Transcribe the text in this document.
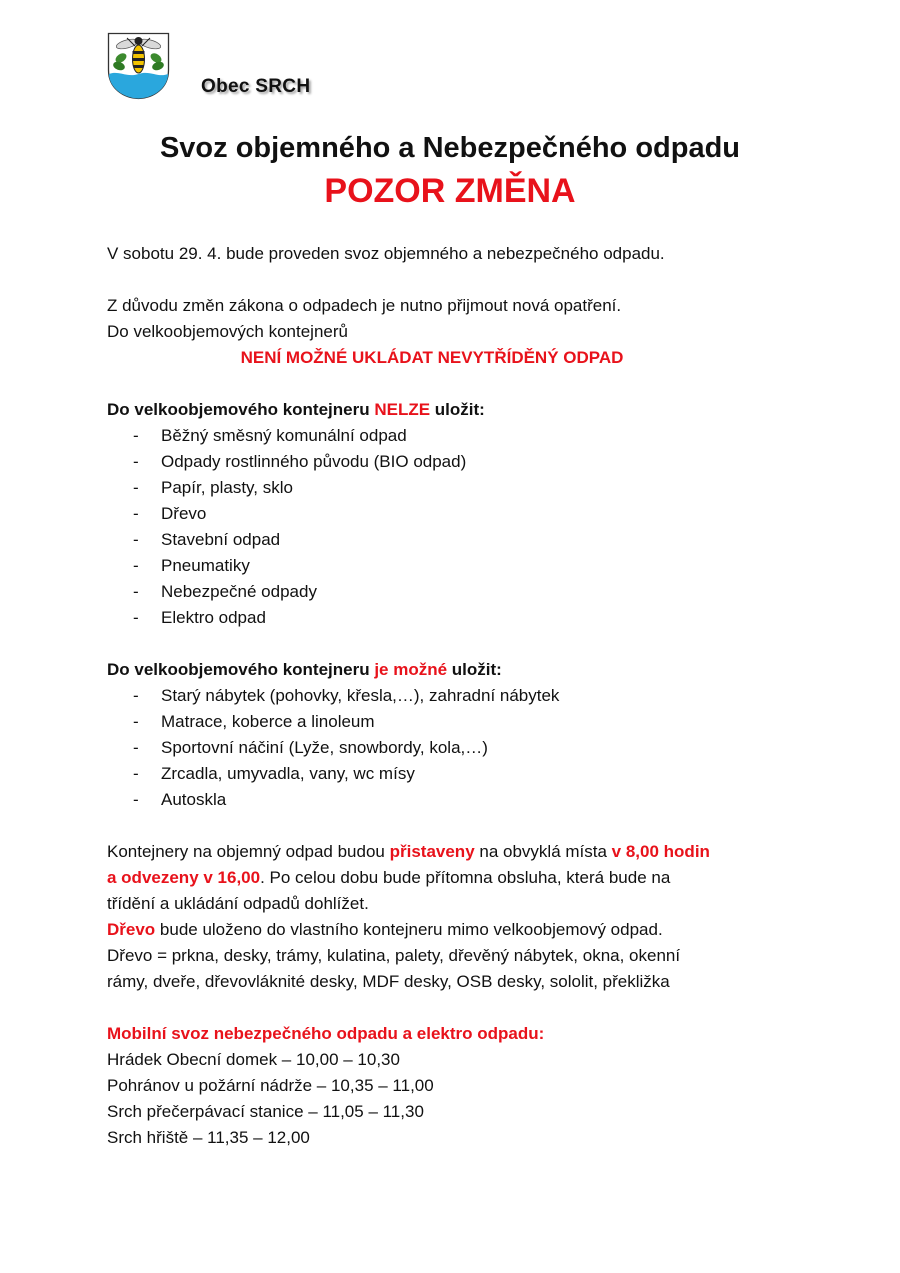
Obec SRCH
Svoz objemného a Nebezpečného odpadu
POZOR ZMĚNA

V sobotu 29. 4. bude proveden svoz objemného a nebezpečného odpadu.

Z důvodu změn zákona o odpadech je nutno přijmout nová opatření.

Do velkoobjemových kontejnerů

NENÍ MOŽNÉ UKLÁDAT NEVYTŘÍDĚNÝ ODPAD

Do velkoobjemového kontejneru NELZE uložit:

- Běžný směsný komunální odpad
- Odpady rostlinného původu (BIO odpad)
- Papír, plasty, sklo
- Dřevo
- Stavební odpad
- Pneumatiky
- Nebezpečné odpady
- Elektro odpad

Do velkoobjemového kontejneru je možné uložit:

- Starý nábytek (pohovky, křesla,…), zahradní nábytek
- Matrace, koberce a linoleum
- Sportovní náčiní (Lyže, snowbordy, kola,…)
- Zrcadla, umyvadla, vany, wc mísy
- Autoskla

Kontejnery na objemný odpad budou přistaveny na obvyklá místa v 8,00 hodin

a odvezeny v 16,00. Po celou dobu bude přítomna obsluha, která bude na

třídění a ukládání odpadů dohlížet.

Dřevo bude uloženo do vlastního kontejneru mimo velkoobjemový odpad.

Dřevo = prkna, desky, trámy, kulatina, palety, dřevěný nábytek, okna, okenní

rámy, dveře, dřevovláknité desky, MDF desky, OSB desky, sololit, překližka

Mobilní svoz nebezpečného odpadu a elektro odpadu:

Hrádek Obecní domek – 10,00 – 10,30

Pohránov u požární nádrže – 10,35 – 11,00

Srch přečerpávací stanice – 11,05 – 11,30

Srch hřiště – 11,35 – 12,00
